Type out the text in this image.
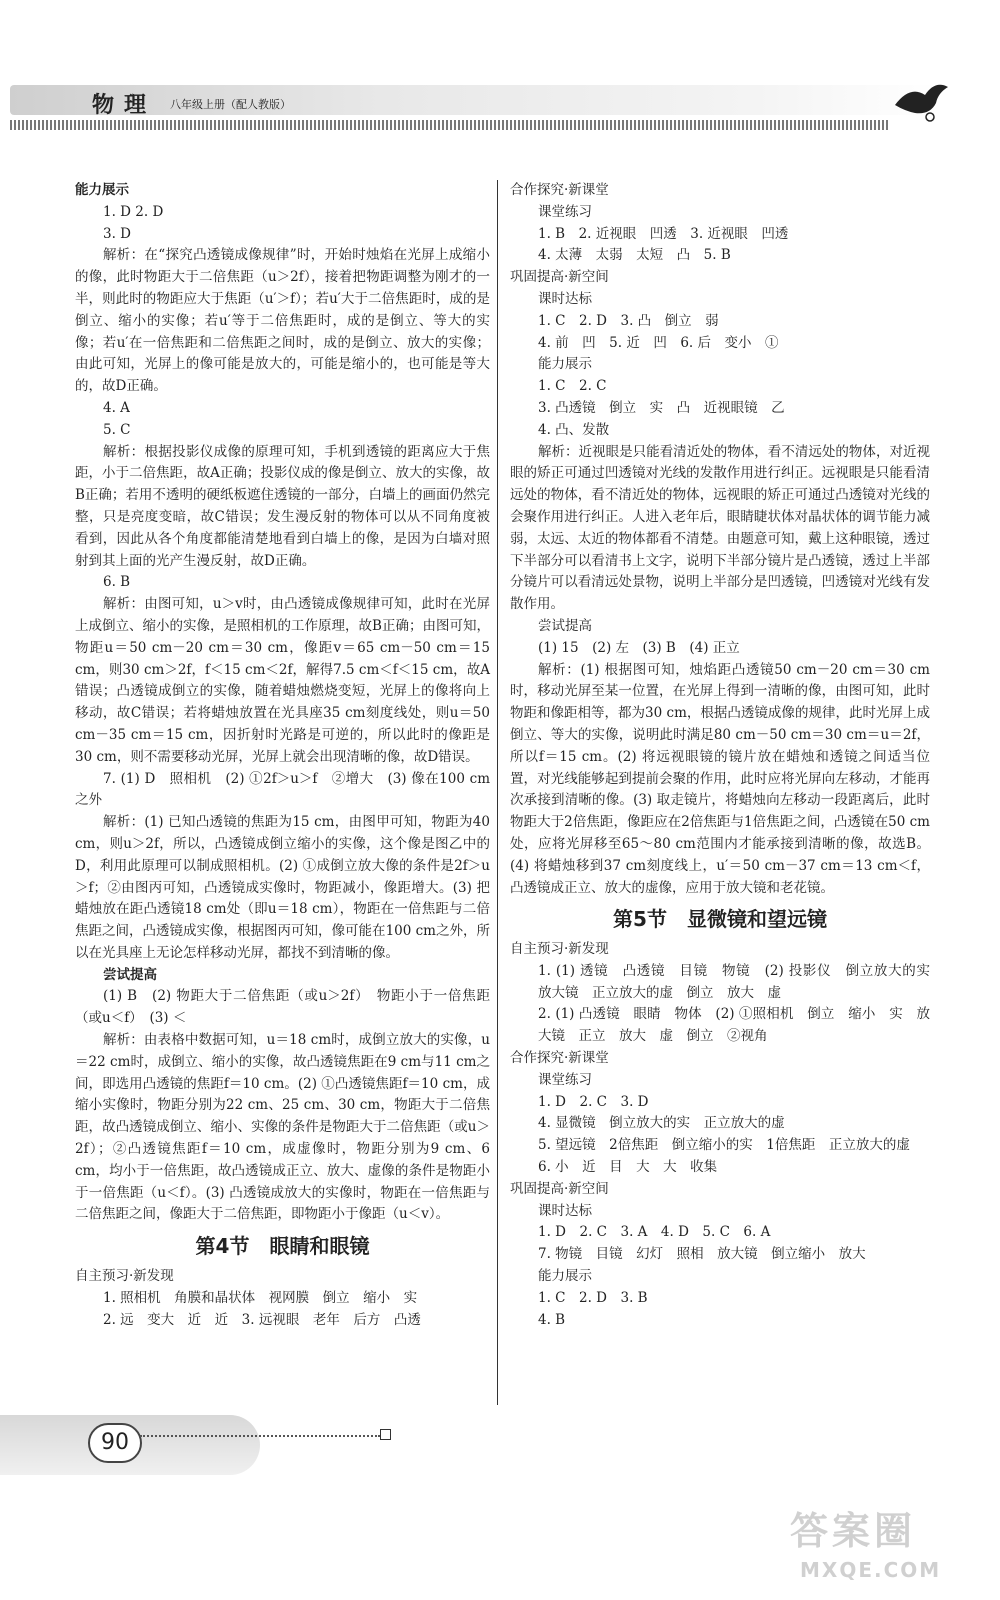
物理 八年级上册（配人教版）

能力展示

1. D 2. D

3. D

解析：在“探究凸透镜成像规律”时，开始时烛焰在光屏上成缩小的像，此时物距大于二倍焦距（u＞2f），接着把物距调整为刚才的一半，则此时的物距应大于焦距（u′＞f）；若u′大于二倍焦距时，成的是倒立、缩小的实像；若u′等于二倍焦距时，成的是倒立、等大的实像；若u′在一倍焦距和二倍焦距之间时，成的是倒立、放大的实像；由此可知，光屏上的像可能是放大的，可能是缩小的，也可能是等大的，故D正确。

4. A

5. C

解析：根据投影仪成像的原理可知，手机到透镜的距离应大于焦距，小于二倍焦距，故A正确；投影仪成的像是倒立、放大的实像，故B正确；若用不透明的硬纸板遮住透镜的一部分，白墙上的画面仍然完整，只是亮度变暗，故C错误；发生漫反射的物体可以从不同角度被看到，因此从各个角度都能清楚地看到白墙上的像，是因为白墙对照射到其上面的光产生漫反射，故D正确。

6. B

解析：由图可知，u＞v时，由凸透镜成像规律可知，此时在光屏上成倒立、缩小的实像，是照相机的工作原理，故B正确；由图可知，物距u＝50 cm－20 cm＝30 cm，像距v＝65 cm－50 cm＝15 cm，则30 cm＞2f，f＜15 cm＜2f，解得7.5 cm＜f＜15 cm，故A错误；凸透镜成倒立的实像，随着蜡烛燃烧变短，光屏上的像将向上移动，故C错误；若将蜡烛放置在光具座35 cm刻度线处，则u＝50 cm－35 cm＝15 cm，因折射时光路是可逆的，所以此时的像距是30 cm，则不需要移动光屏，光屏上就会出现清晰的像，故D错误。

7. (1) D　照相机　(2) ①2f＞u＞f　②增大　(3) 像在100 cm之外

解析：(1) 已知凸透镜的焦距为15 cm，由图甲可知，物距为40 cm，则u＞2f，所以，凸透镜成倒立缩小的实像，这个像是图乙中的D，利用此原理可以制成照相机。(2) ①成倒立放大像的条件是2f＞u＞f；②由图丙可知，凸透镜成实像时，物距减小，像距增大。(3) 把蜡烛放在距凸透镜18 cm处（即u＝18 cm），物距在一倍焦距与二倍焦距之间，凸透镜成实像，根据图丙可知，像可能在100 cm之外，所以在光具座上无论怎样移动光屏，都找不到清晰的像。

尝试提高

(1) B　(2) 物距大于二倍焦距（或u＞2f）　物距小于一倍焦距（或u＜f）　(3) ＜

解析：由表格中数据可知，u＝18 cm时，成倒立放大的实像，u＝22 cm时，成倒立、缩小的实像，故凸透镜焦距在9 cm与11 cm之间，即选用凸透镜的焦距f＝10 cm。(2) ①凸透镜焦距f＝10 cm，成缩小实像时，物距分别为22 cm、25 cm、30 cm，物距大于二倍焦距，故凸透镜成倒立、缩小、实像的条件是物距大于二倍焦距（或u＞2f）；②凸透镜焦距f＝10 cm，成虚像时，物距分别为9 cm、6 cm，均小于一倍焦距，故凸透镜成正立、放大、虚像的条件是物距小于一倍焦距（u＜f）。(3) 凸透镜成放大的实像时，物距在一倍焦距与二倍焦距之间，像距大于二倍焦距，即物距小于像距（u＜v）。

第4节　眼睛和眼镜

自主预习·新发现

1. 照相机　角膜和晶状体　视网膜　倒立　缩小　实

2. 远　变大　近　近　3. 远视眼　老年　后方　凸透

合作探究·新课堂

课堂练习

1. B　2. 近视眼　凹透　3. 近视眼　凹透

4. 太薄　太弱　太短　凸　5. B

巩固提高·新空间

课时达标

1. C　2. D　3. 凸　倒立　弱

4. 前　凹　5. 近　凹　6. 后　变小　①

能力展示

1. C　2. C

3. 凸透镜　倒立　实　凸　近视眼镜　乙

4. 凸、发散

解析：近视眼是只能看清近处的物体，看不清远处的物体，对近视眼的矫正可通过凹透镜对光线的发散作用进行纠正。远视眼是只能看清远处的物体，看不清近处的物体，远视眼的矫正可通过凸透镜对光线的会聚作用进行纠正。人进入老年后，眼睛睫状体对晶状体的调节能力减弱，太远、太近的物体都看不清楚。由题意可知，戴上这种眼镜，透过下半部分可以看清书上文字，说明下半部分镜片是凸透镜，透过上半部分镜片可以看清远处景物，说明上半部分是凹透镜，凹透镜对光线有发散作用。

尝试提高

(1) 15　(2) 左　(3) B　(4) 正立

解析：(1) 根据图可知，烛焰距凸透镜50 cm－20 cm＝30 cm时，移动光屏至某一位置，在光屏上得到一清晰的像，由图可知，此时物距和像距相等，都为30 cm，根据凸透镜成像的规律，此时光屏上成倒立、等大的实像，说明此时满足80 cm－50 cm＝30 cm＝u＝2f，所以f＝15 cm。(2) 将远视眼镜的镜片放在蜡烛和透镜之间适当位置，对光线能够起到提前会聚的作用，此时应将光屏向左移动，才能再次承接到清晰的像。(3) 取走镜片，将蜡烛向左移动一段距离后，此时物距大于2倍焦距，像距应在2倍焦距与1倍焦距之间，凸透镜在50 cm处，应将光屏移至65～80 cm范围内才能承接到清晰的像，故选B。(4) 将蜡烛移到37 cm刻度线上，u′＝50 cm－37 cm＝13 cm＜f，凸透镜成正立、放大的虚像，应用于放大镜和老花镜。

第5节　显微镜和望远镜

自主预习·新发现

1. (1) 透镜　凸透镜　目镜　物镜　(2) 投影仪　倒立放大的实　放大镜　正立放大的虚　倒立　放大　虚

2. (1) 凸透镜　眼睛　物体　(2) ①照相机　倒立　缩小　实　放大镜　正立　放大　虚　倒立　②视角

合作探究·新课堂

课堂练习

1. D　2. C　3. D

4. 显微镜　倒立放大的实　正立放大的虚

5. 望远镜　2倍焦距　倒立缩小的实　1倍焦距　正立放大的虚

6. 小　近　目　大　大　收集

巩固提高·新空间

课时达标

1. D　2. C　3. A　4. D　5. C　6. A

7. 物镜　目镜　幻灯　照相　放大镜　倒立缩小　放大

能力展示

1. C　2. D　3. B

4. B

90
答案圈
MXQE.COM
